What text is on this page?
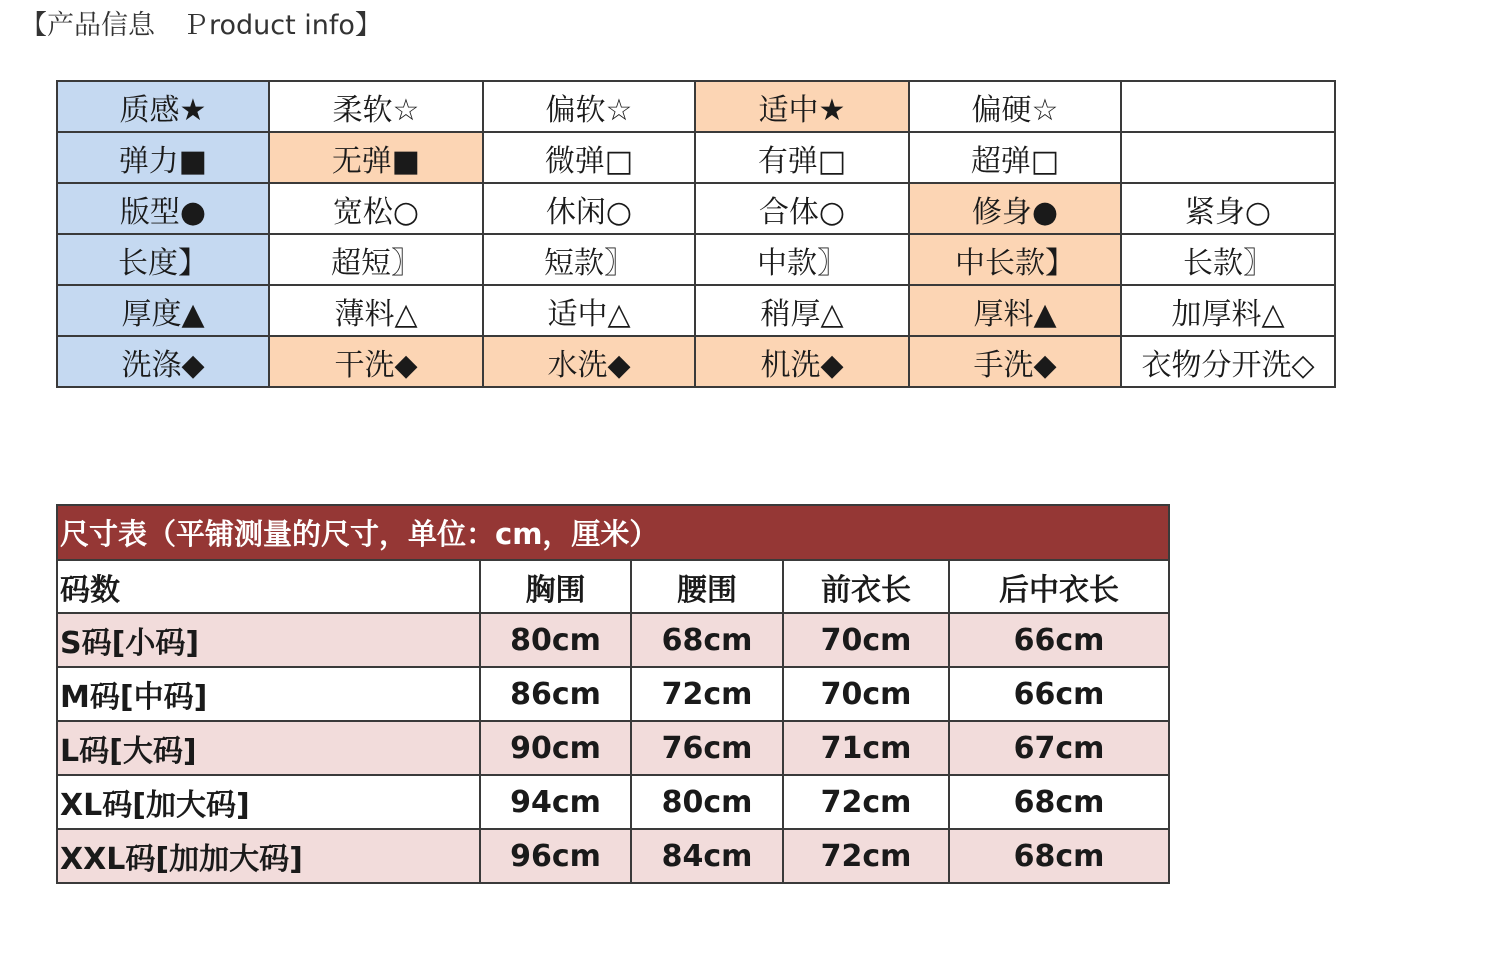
【产品信息　Ｐroduct info】
质感★	柔软☆	偏软☆	适中★	偏硬☆	
弹力■	无弹■	微弹□	有弹□	超弹□	
版型●	宽松○	休闲○	合体○	修身●	紧身○
长度】	超短〗	短款〗	中款〗	中长款】	长款〗
厚度▲	薄料△	适中△	稍厚△	厚料▲	加厚料△
洗涤◆	干洗◆	水洗◆	机洗◆	手洗◆	衣物分开洗◇
尺寸表（平铺测量的尺寸，单位：cm，厘米）				
码数	胸围	腰围	前衣长	后中衣长
S码[小码]	80cm	68cm	70cm	66cm
M码[中码]	86cm	72cm	70cm	66cm
L码[大码]	90cm	76cm	71cm	67cm
XL码[加大码]	94cm	80cm	72cm	68cm
XXL码[加加大码]	96cm	84cm	72cm	68cm
